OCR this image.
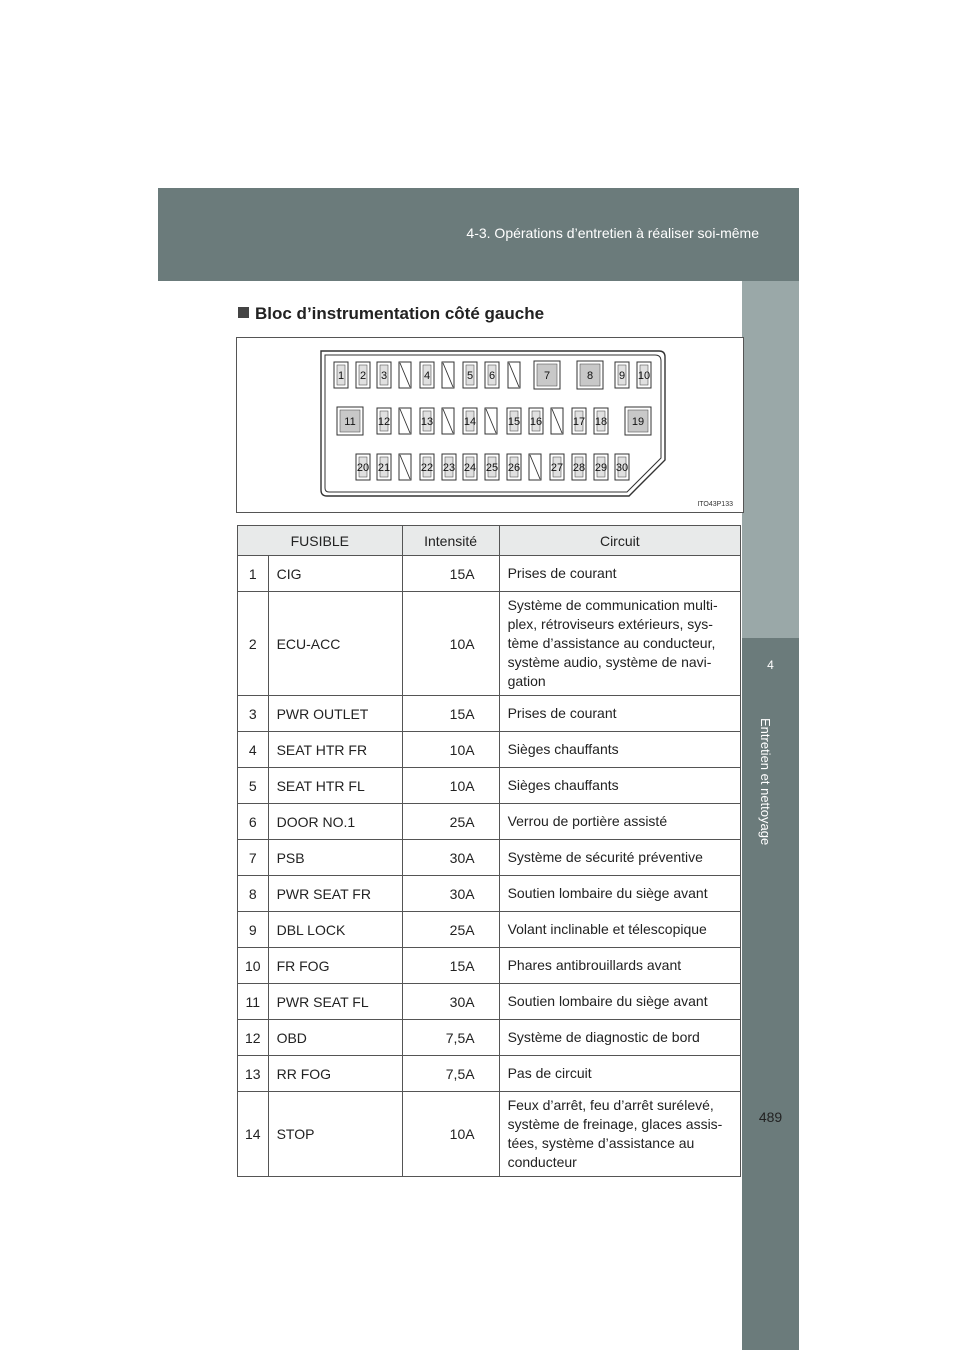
4-3. Opérations d’entretien à réaliser soi-même
4
Entretien et nettoyage
Bloc d’instrumentation côté gauche
1 2 3	4	5 6	7	8 9 10
11 12	13	14	15 16	17 18 19
20 21	22 23 24 25 26	27 28 29 30
ITO43P133
FUSIBLE		Intensité	Circuit
1	CIG	15A	Prises de courant
2	ECU-ACC	10A	Système de communication multi-plex, rétroviseurs extérieurs, sys-tème d’assistance au conducteur, système audio, système de navi-gation
3	PWR OUTLET	15A	Prises de courant
4	SEAT HTR FR	10A	Sièges chauffants
5	SEAT HTR FL	10A	Sièges chauffants
6	DOOR NO.1	25A	Verrou de portière assisté
7	PSB	30A	Système de sécurité préventive
8	PWR SEAT FR	30A	Soutien lombaire du siège avant
9	DBL LOCK	25A	Volant inclinable et télescopique
10	FR FOG	15A	Phares antibrouillards avant
11	PWR SEAT FL	30A	Soutien lombaire du siège avant
12	OBD	7,5A	Système de diagnostic de bord
13	RR FOG	7,5A	Pas de circuit
14	STOP	10A	Feux d’arrêt, feu d’arrêt surélevé, système de freinage, glaces assis-tées, système d’assistance au conducteur
489
